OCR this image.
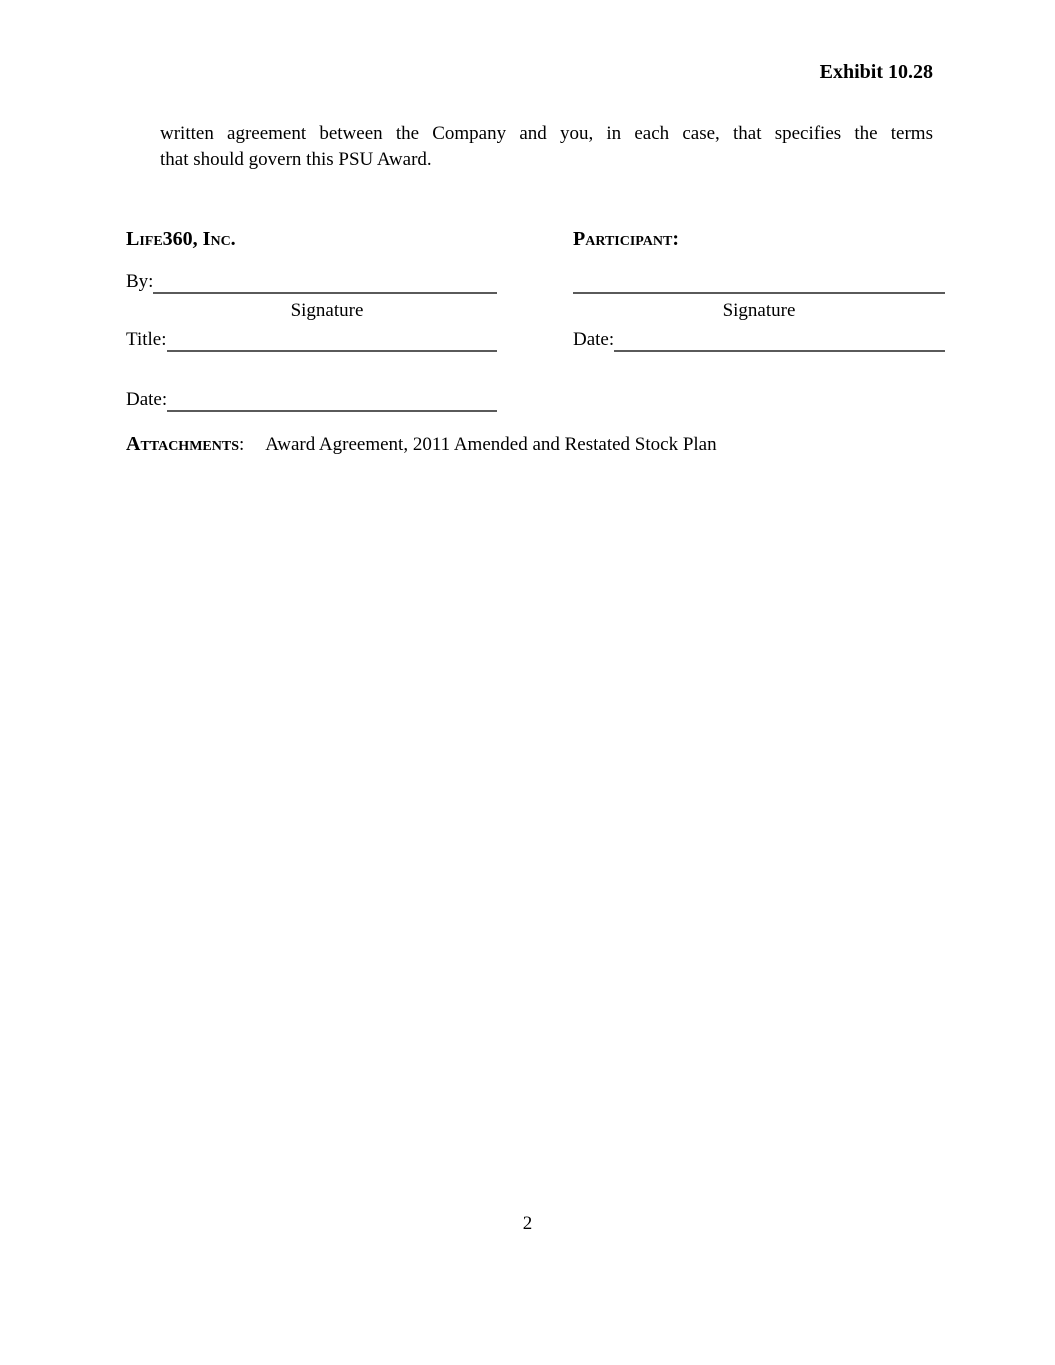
Exhibit 10.28
written agreement between the Company and you, in each case, that specifies the terms
that should govern this PSU Award.
Life360, Inc.	Participant:
By:
Signature
Title:
Date:
Signature
Date:
Attachments : Award Agreement, 2011 Amended and Restated Stock Plan
2
